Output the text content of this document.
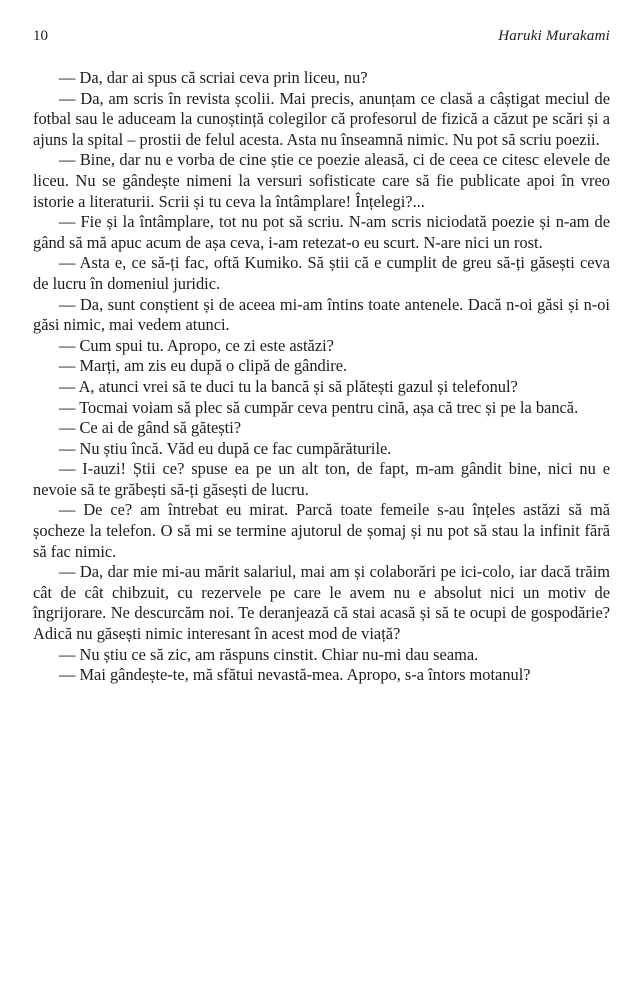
10	Haruki Murakami

— Da, dar ai spus că scriai ceva prin liceu, nu?

— Da, am scris în revista școlii. Mai precis, anunțam ce clasă a câștigat meciul de fotbal sau le aduceam la cunoștință colegilor că profesorul de fizică a căzut pe scări și a ajuns la spital – prostii de felul acesta. Asta nu înseamnă nimic. Nu pot să scriu poezii.

— Bine, dar nu e vorba de cine știe ce poezie aleasă, ci de ceea ce citesc elevele de liceu. Nu se gândește nimeni la versuri sofisticate care să fie publicate apoi în vreo istorie a literaturii. Scrii și tu ceva la întâmplare! Înțelegi?...

— Fie și la întâmplare, tot nu pot să scriu. N-am scris niciodată poezie și n-am de gând să mă apuc acum de așa ceva, i-am retezat-o eu scurt. N-are nici un rost.

— Asta e, ce să-ți fac, oftă Kumiko. Să știi că e cumplit de greu să-ți găsești ceva de lucru în domeniul juridic.

— Da, sunt conștient și de aceea mi-am întins toate antenele. Dacă n-oi găsi și n-oi găsi nimic, mai vedem atunci.

— Cum spui tu. Apropo, ce zi este astăzi?

— Marți, am zis eu după o clipă de gândire.

— A, atunci vrei să te duci tu la bancă și să plătești gazul și telefonul?

— Tocmai voiam să plec să cumpăr ceva pentru cină, așa că trec și pe la bancă.

— Ce ai de gând să gătești?

— Nu știu încă. Văd eu după ce fac cumpărăturile.

— I-auzi! Știi ce? spuse ea pe un alt ton, de fapt, m-am gândit bine, nici nu e nevoie să te grăbești să-ți găsești de lucru.

— De ce? am întrebat eu mirat. Parcă toate femeile s-au înțeles astăzi să mă șocheze la telefon. O să mi se termine ajutorul de șomaj și nu pot să stau la infinit fără să fac nimic.

— Da, dar mie mi-au mărit salariul, mai am și colaborări pe ici-colo, iar dacă trăim cât de cât chibzuit, cu rezervele pe care le avem nu e absolut nici un motiv de îngrijorare. Ne descurcăm noi. Te deranjează că stai acasă și să te ocupi de gospodărie? Adică nu găsești nimic interesant în acest mod de viață?

— Nu știu ce să zic, am răspuns cinstit. Chiar nu-mi dau seama.

— Mai gândește-te, mă sfătui nevastă-mea. Apropo, s-a întors motanul?
